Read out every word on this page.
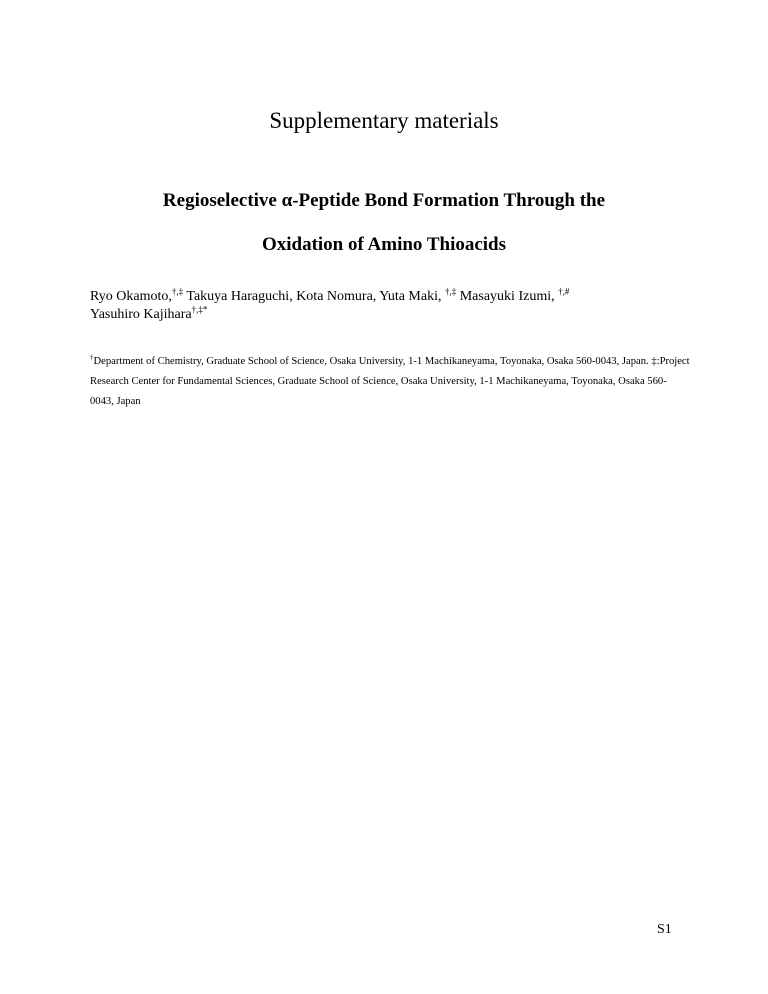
Supplementary materials
Regioselective α-Peptide Bond Formation Through the
Oxidation of Amino Thioacids
Ryo Okamoto,†,‡ Takuya Haraguchi, Kota Nomura, Yuta Maki, †,‡ Masayuki Izumi, †,#
Yasuhiro Kajihara†,‡*
†Department of Chemistry, Graduate School of Science, Osaka University, 1-1 Machikaneyama, Toyonaka, Osaka 560-0043, Japan. ‡:Project Research Center for Fundamental Sciences, Graduate School of Science, Osaka University, 1-1 Machikaneyama, Toyonaka, Osaka 560-0043, Japan
S1
